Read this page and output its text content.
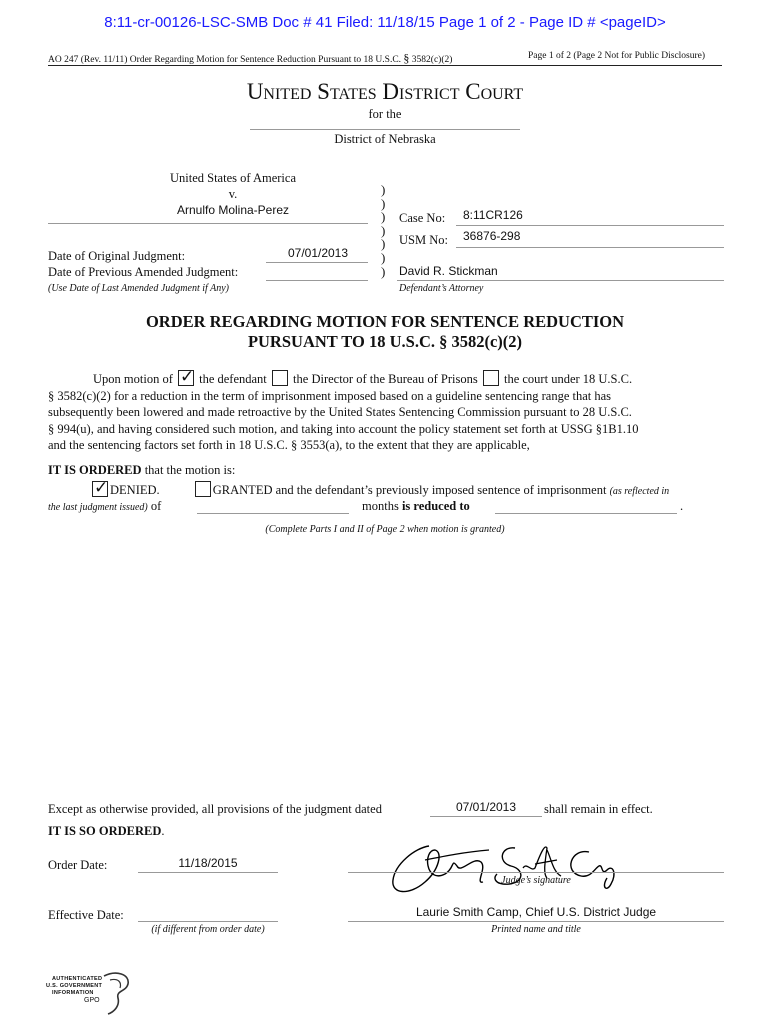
8:11-cr-00126-LSC-SMB Doc # 41 Filed: 11/18/15 Page 1 of 2 - Page ID # <pageID>
AO 247 (Rev. 11/11) Order Regarding Motion for Sentence Reduction Pursuant to 18 U.S.C. § 3582(c)(2)	Page 1 of 2 (Page 2 Not for Public Disclosure)
United States District Court
for the
District of Nebraska
United States of America
v.
Arnulfo Molina-Perez
Date of Original Judgment:	07/01/2013
Date of Previous Amended Judgment:
(Use Date of Last Amended Judgment if Any)
)
)
)
)
)
)
)
Case No: 8:11CR126
USM No: 36876-298
David R. Stickman
Defendant’s Attorney
ORDER REGARDING MOTION FOR SENTENCE REDUCTION
PURSUANT TO 18 U.S.C. § 3582(c)(2)
Upon motion of ✓ the defendant the Director of the Bureau of Prisons the court under 18 U.S.C.
§ 3582(c)(2) for a reduction in the term of imprisonment imposed based on a guideline sentencing range that has
subsequently been lowered and made retroactive by the United States Sentencing Commission pursuant to 28 U.S.C.
§ 994(u), and having considered such motion, and taking into account the policy statement set forth at USSG §1B1.10
and the sentencing factors set forth in 18 U.S.C. § 3553(a), to the extent that they are applicable,
IT IS ORDERED that the motion is:
✓DENIED.	GRANTED and the defendant’s previously imposed sentence of imprisonment (as reflected in
the last judgment issued) of	months is reduced to	.
(Complete Parts I and II of Page 2 when motion is granted)
Except as otherwise provided, all provisions of the judgment dated	07/01/2013	shall remain in effect.
IT IS SO ORDERED.
Order Date:	11/18/2015
Judge’s signature
Effective Date:
(if different from order date)
Laurie Smith Camp, Chief U.S. District Judge
Printed name and title
AUTHENTICATED
U.S. GOVERNMENT
INFORMATION
GPO
